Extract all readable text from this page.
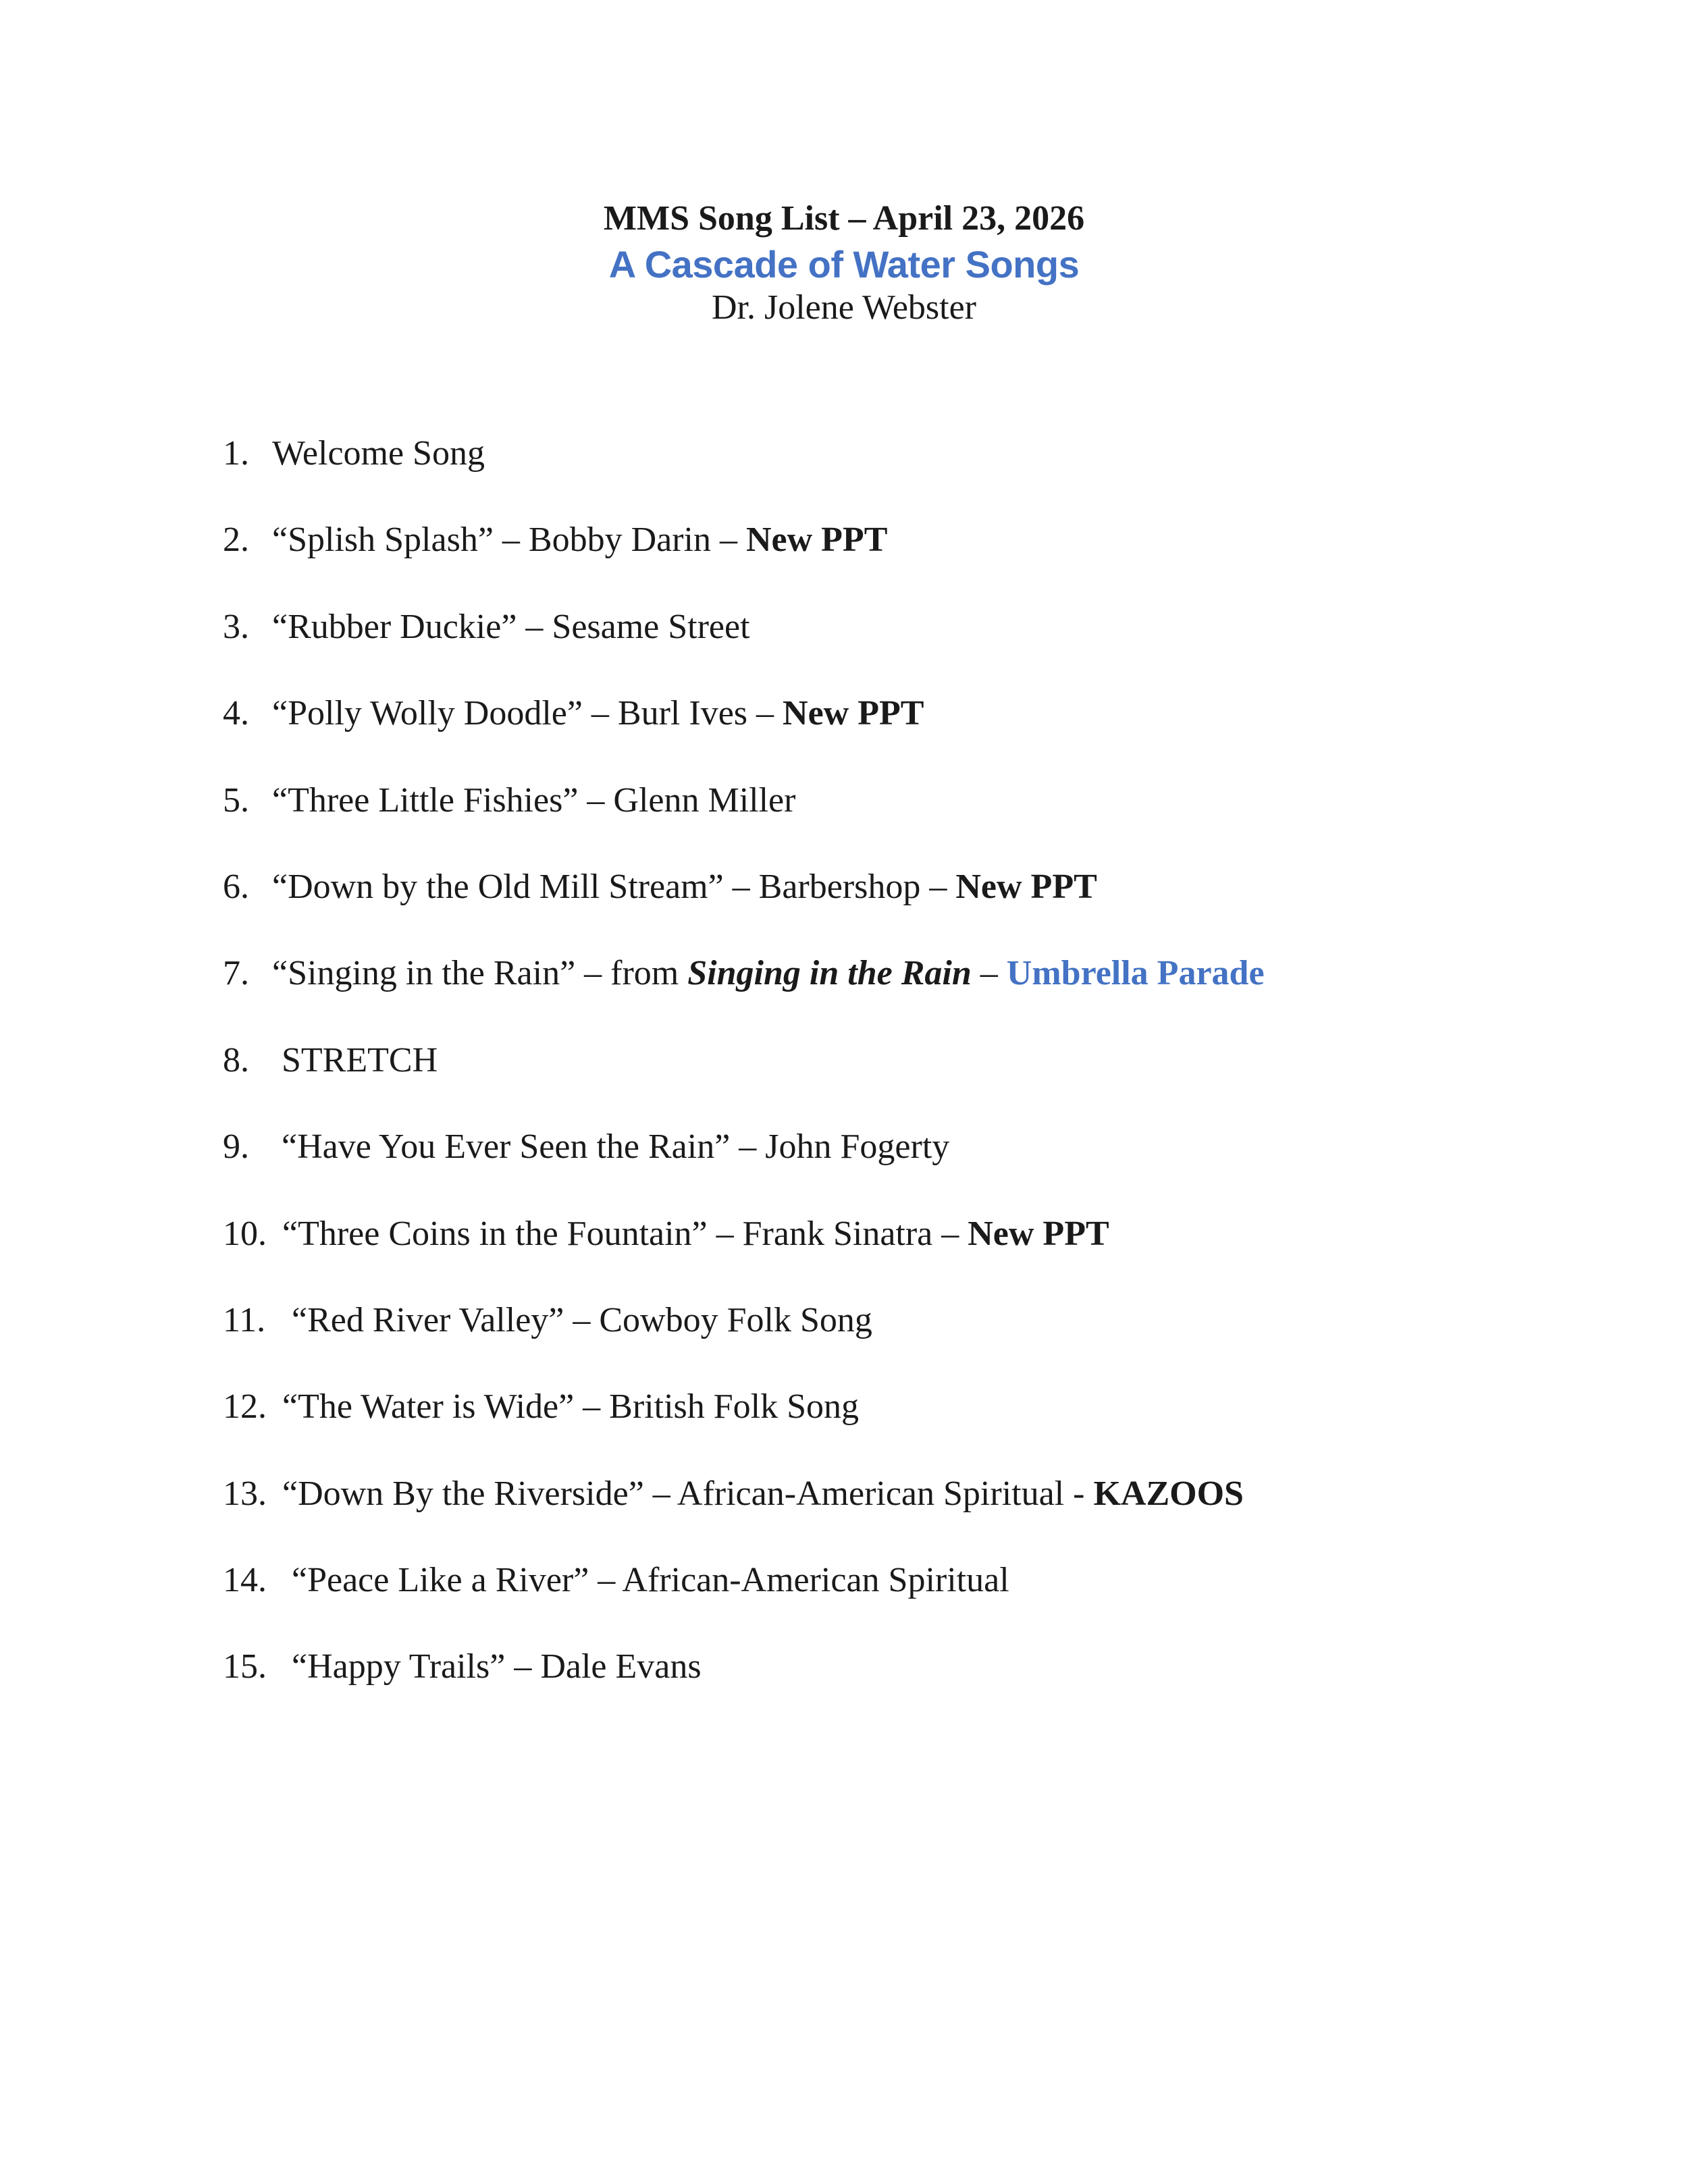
MMS Song List – April 23, 2026
A Cascade of Water Songs
Dr. Jolene Webster
1. Welcome Song
2. “Splish Splash” – Bobby Darin – New PPT
3. “Rubber Duckie” – Sesame Street
4. “Polly Wolly Doodle” – Burl Ives – New PPT
5. “Three Little Fishies” – Glenn Miller
6. “Down by the Old Mill Stream” – Barbershop – New PPT
7. “Singing in the Rain” – from Singing in the Rain – Umbrella Parade
8. STRETCH
9. “Have You Ever Seen the Rain” – John Fogerty
10. “Three Coins in the Fountain” – Frank Sinatra – New PPT
11. “Red River Valley” – Cowboy Folk Song
12. “The Water is Wide” – British Folk Song
13. “Down By the Riverside” – African-American Spiritual - KAZOOS
14. “Peace Like a River” – African-American Spiritual
15. “Happy Trails” – Dale Evans
